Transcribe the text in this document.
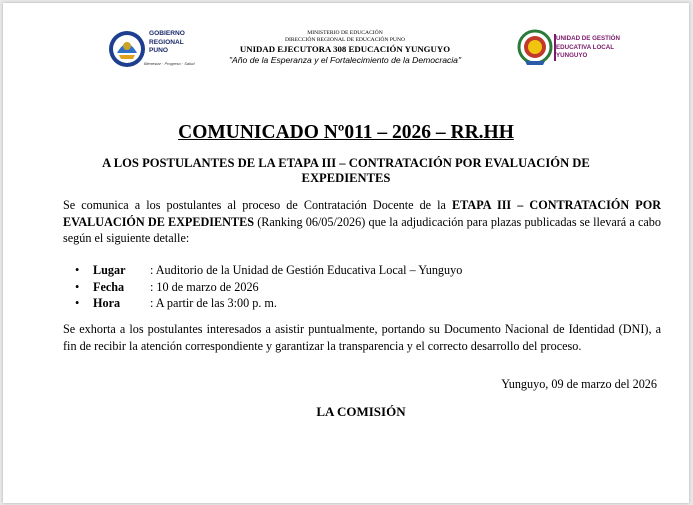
GOBIERNO
REGIONAL
PUNO
Bienestar · Progreso · Salud
MINISTERIO DE EDUCACIÓN
DIRECCIÓN REGIONAL DE EDUCACIÓN PUNO
UNIDAD EJECUTORA 308 EDUCACIÓN YUNGUYO
"Año de la Esperanza y el Fortalecimiento de la Democracia"
UNIDAD DE GESTIÓN
EDUCATIVA LOCAL
YUNGUYO
COMUNICADO Nº011 – 2026 – RR.HH
A LOS POSTULANTES DE LA ETAPA III – CONTRATACIÓN POR EVALUACIÓN DE EXPEDIENTES
Se comunica a los postulantes al proceso de Contratación Docente de la ETAPA III – CONTRATACIÓN POR EVALUACIÓN DE EXPEDIENTES (Ranking 06/05/2026) que la adjudicación para plazas publicadas se llevará a cabo según el siguiente detalle:
•	Lugar	: Auditorio de la Unidad de Gestión Educativa Local – Yunguyo
•	Fecha	: 10 de marzo de 2026
•	Hora	: A partir de las 3:00 p. m.
Se exhorta a los postulantes interesados a asistir puntualmente, portando su Documento Nacional de Identidad (DNI), a fin de recibir la atención correspondiente y garantizar la transparencia y el correcto desarrollo del proceso.
Yunguyo, 09 de marzo del 2026
LA COMISIÓN
